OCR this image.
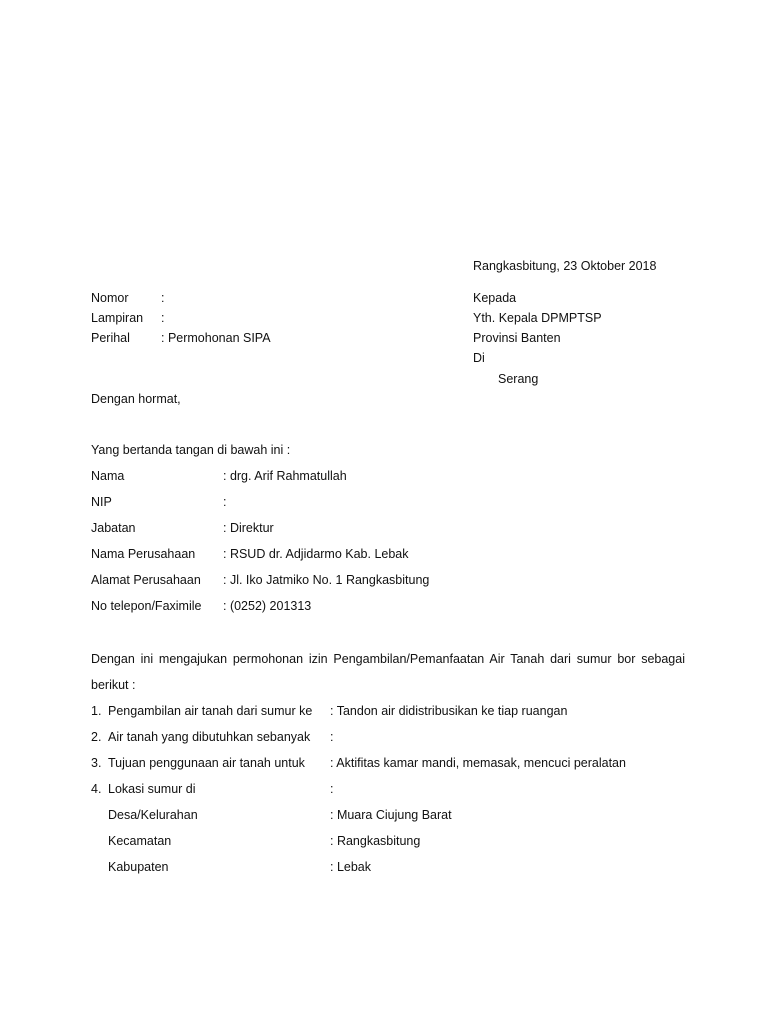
Rangkasbitung, 23 Oktober 2018
Nomor	:
Lampiran :
Perihal : Permohonan SIPA
Kepada
Yth. Kepala DPMPTSP
Provinsi Banten
Di
Serang
Dengan hormat,
Yang bertanda tangan di bawah ini :
Nama	: drg. Arif Rahmatullah
NIP	:
Jabatan	: Direktur
Nama Perusahaan : RSUD dr. Adjidarmo Kab. Lebak
Alamat Perusahaan : Jl. Iko Jatmiko No. 1 Rangkasbitung
No telepon/Faximile : (0252) 201313
Dengan ini mengajukan permohonan izin Pengambilan/Pemanfaatan Air Tanah dari sumur bor sebagai
berikut :
1. Pengambilan air tanah dari sumur ke : Tandon air didistribusikan ke tiap ruangan
2. Air tanah yang dibutuhkan sebanyak :
3. Tujuan penggunaan air tanah untuk : Aktifitas kamar mandi, memasak, mencuci peralatan
4. Lokasi sumur di	:
Desa/Kelurahan	: Muara Ciujung Barat
Kecamatan	: Rangkasbitung
Kabupaten	: Lebak
